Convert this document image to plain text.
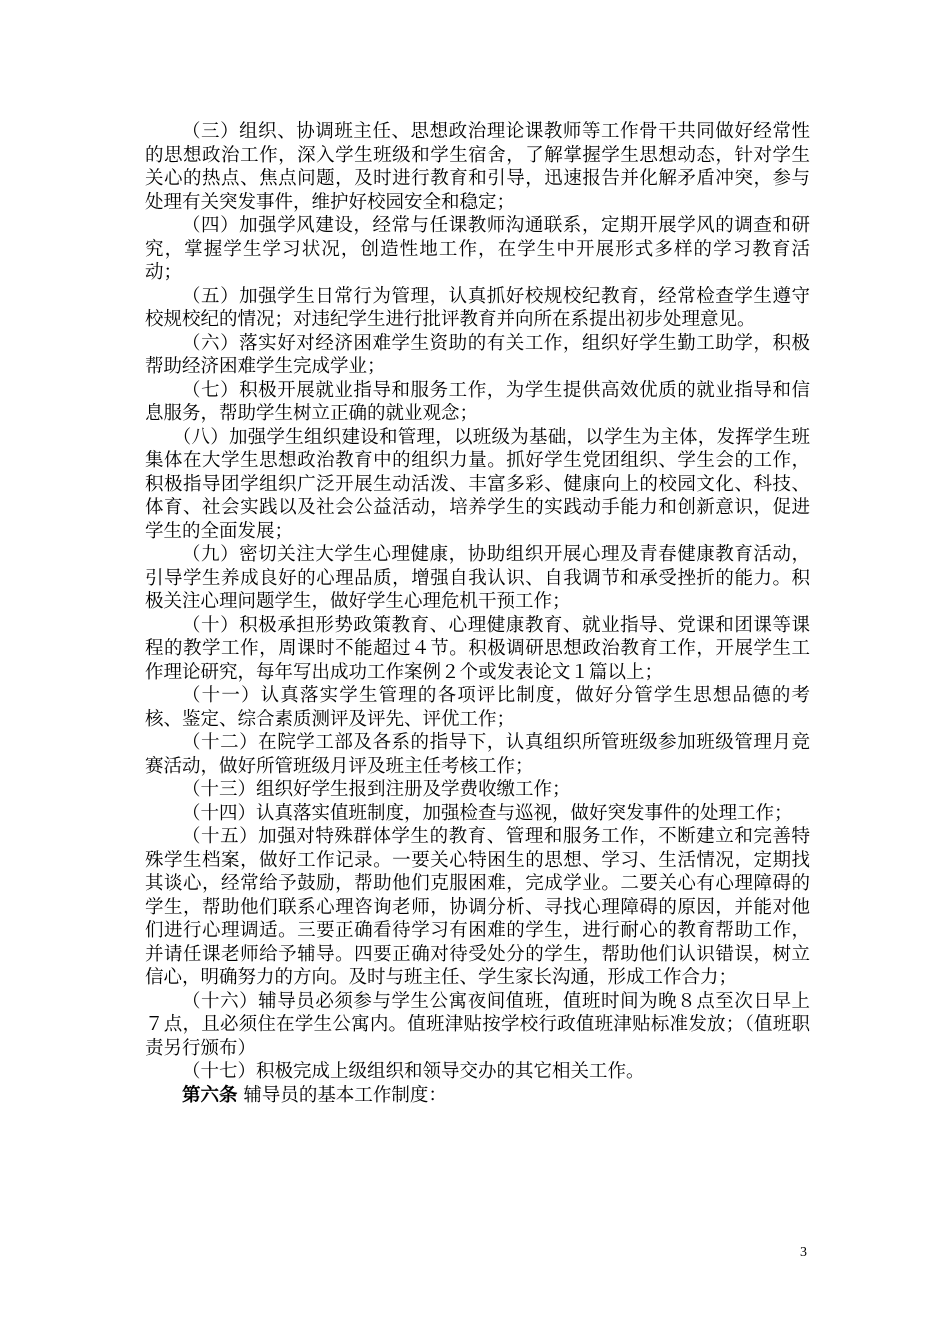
（三）组织、协调班主任、思想政治理论课教师等工作骨干共同做好经常性的思想政治工作，深入学生班级和学生宿舍，了解掌握学生思想动态，针对学生关心的热点、焦点问题，及时进行教育和引导，迅速报告并化解矛盾冲突，参与处理有关突发事件，维护好校园安全和稳定；

（四）加强学风建设，经常与任课教师沟通联系，定期开展学风的调查和研究，掌握学生学习状况，创造性地工作，在学生中开展形式多样的学习教育活动；

（五）加强学生日常行为管理，认真抓好校规校纪教育，经常检查学生遵守校规校纪的情况；对违纪学生进行批评教育并向所在系提出初步处理意见。

（六）落实好对经济困难学生资助的有关工作，组织好学生勤工助学，积极帮助经济困难学生完成学业；

（七）积极开展就业指导和服务工作，为学生提供高效优质的就业指导和信息服务，帮助学生树立正确的就业观念；

（八）加强学生组织建设和管理，以班级为基础，以学生为主体，发挥学生班集体在大学生思想政治教育中的组织力量。抓好学生党团组织、学生会的工作，积极指导团学组织广泛开展生动活泼、丰富多彩、健康向上的校园文化、科技、体育、社会实践以及社会公益活动，培养学生的实践动手能力和创新意识，促进学生的全面发展；

（九）密切关注大学生心理健康，协助组织开展心理及青春健康教育活动，引导学生养成良好的心理品质，增强自我认识、自我调节和承受挫折的能力。积极关注心理问题学生，做好学生心理危机干预工作；

（十）积极承担形势政策教育、心理健康教育、就业指导、党课和团课等课程的教学工作，周课时不能超过４节。积极调研思想政治教育工作，开展学生工作理论研究，每年写出成功工作案例２个或发表论文１篇以上；

（十一）认真落实学生管理的各项评比制度，做好分管学生思想品德的考核、鉴定、综合素质测评及评先、评优工作；

（十二）在院学工部及各系的指导下，认真组织所管班级参加班级管理月竞赛活动，做好所管班级月评及班主任考核工作；

（十三）组织好学生报到注册及学费收缴工作；

（十四）认真落实值班制度，加强检查与巡视，做好突发事件的处理工作；

（十五）加强对特殊群体学生的教育、管理和服务工作，不断建立和完善特殊学生档案，做好工作记录。一要关心特困生的思想、学习、生活情况，定期找其谈心，经常给予鼓励，帮助他们克服困难，完成学业。二要关心有心理障碍的学生，帮助他们联系心理咨询老师，协调分析、寻找心理障碍的原因，并能对他们进行心理调适。三要正确看待学习有困难的学生，进行耐心的教育帮助工作，并请任课老师给予辅导。四要正确对待受处分的学生，帮助他们认识错误，树立信心，明确努力的方向。及时与班主任、学生家长沟通，形成工作合力；

（十六）辅导员必须参与学生公寓夜间值班，值班时间为晚８点至次日早上７点，且必须住在学生公寓内。值班津贴按学校行政值班津贴标准发放；（值班职责另行颁布）

（十七）积极完成上级组织和领导交办的其它相关工作。

第六条 辅导员的基本工作制度：

3
